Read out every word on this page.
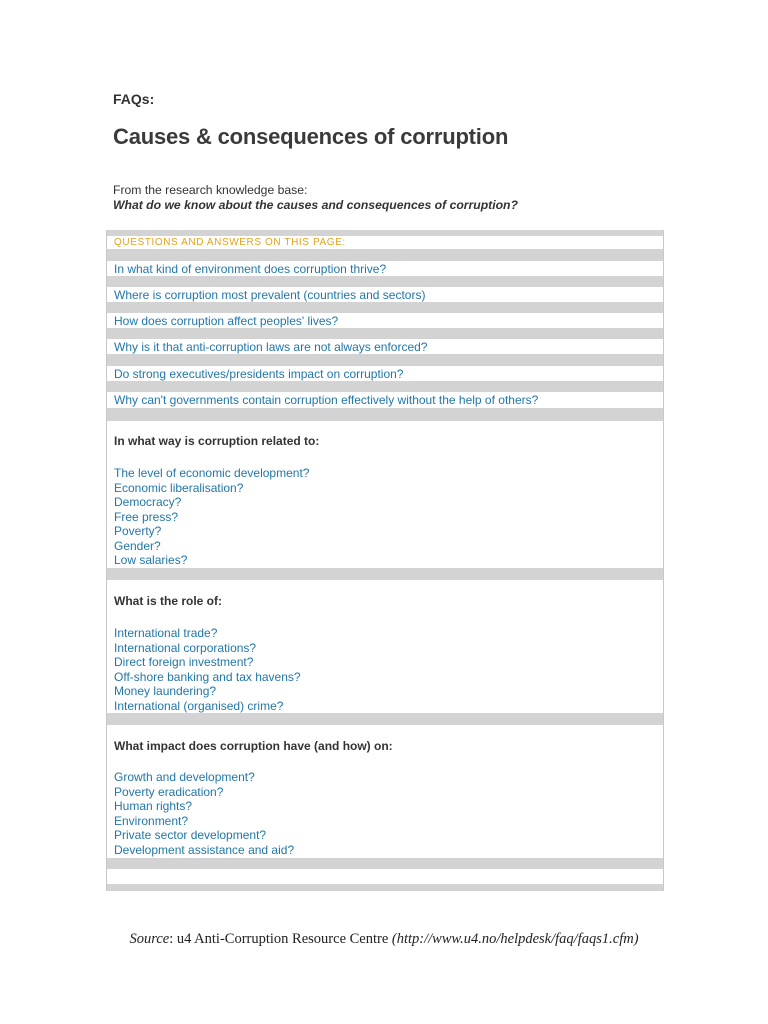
FAQs:
Causes & consequences of corruption
From the research knowledge base:
What do we know about the causes and consequences of corruption?
QUESTIONS AND ANSWERS ON THIS PAGE:
In what kind of environment does corruption thrive?
Where is corruption most prevalent (countries and sectors)
How does corruption affect peoples' lives?
Why is it that anti-corruption laws are not always enforced?
Do strong executives/presidents impact on corruption?
Why can't governments contain corruption effectively without the help of others?
In what way is corruption related to:
The level of economic development?
Economic liberalisation?
Democracy?
Free press?
Poverty?
Gender?
Low salaries?
What is the role of:
International trade?
International corporations?
Direct foreign investment?
Off-shore banking and tax havens?
Money laundering?
International (organised) crime?
What impact does corruption have (and how) on:
Growth and development?
Poverty eradication?
Human rights?
Environment?
Private sector development?
Development assistance and aid?
Source: u4 Anti-Corruption Resource Centre (http://www.u4.no/helpdesk/faq/faqs1.cfm)
